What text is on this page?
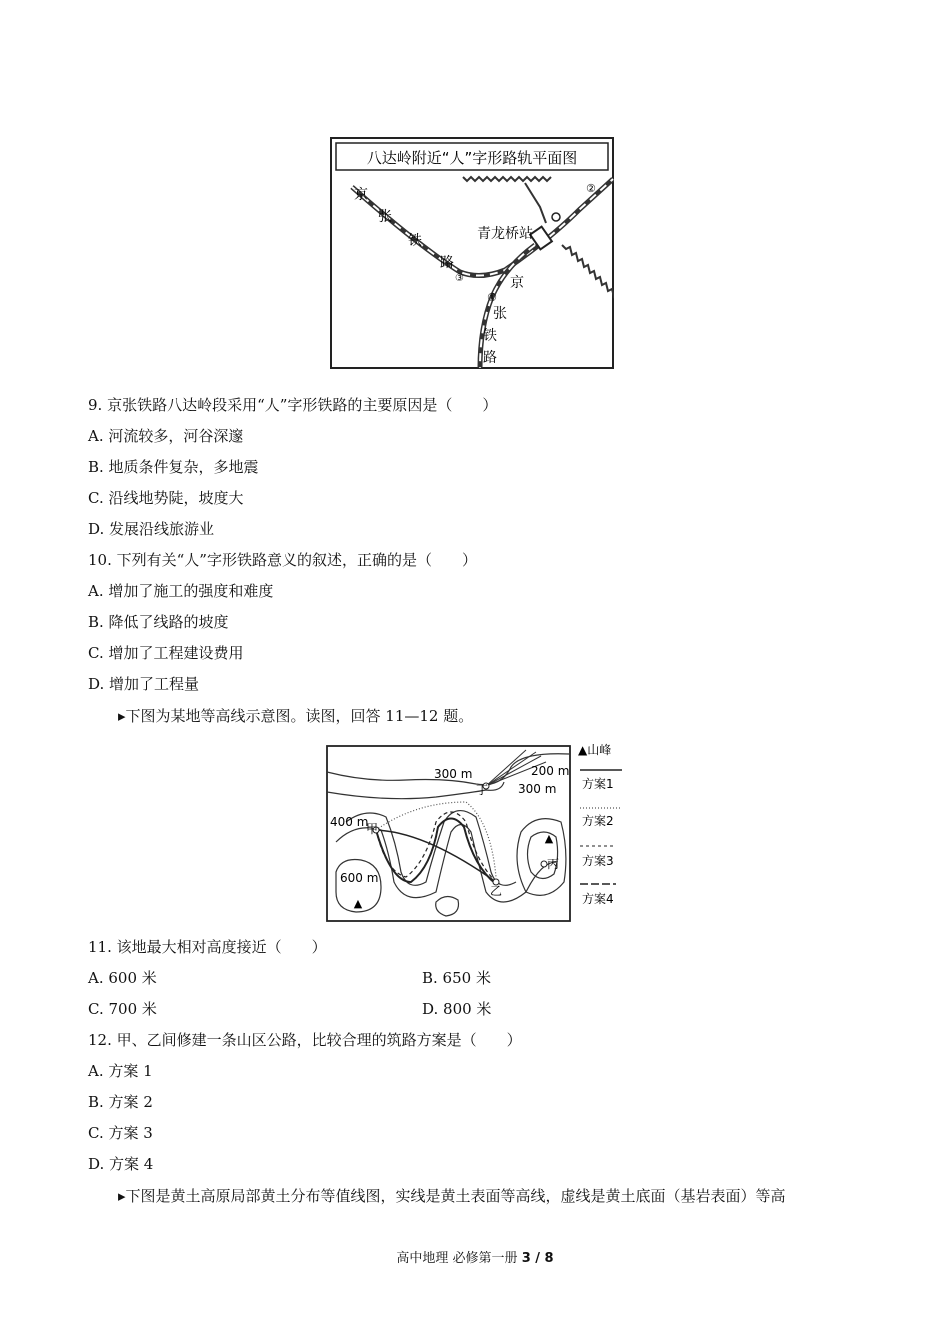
八达岭附近“人”字形路轨平面图
青龙桥站
京
张
铁
路
京
张
铁
路
①
②
③
9. 京张铁路八达岭段采用“人”字形铁路的主要原因是（　　）
A. 河流较多，河谷深邃
B. 地质条件复杂，多地震
C. 沿线地势陡，坡度大
D. 发展沿线旅游业
10. 下列有关“人”字形铁路意义的叙述，正确的是（　　）
A. 增加了施工的强度和难度
B. 降低了线路的坡度
C. 增加了工程建设费用
D. 增加了工程量
▸下图为某地等高线示意图。读图，回答 11—12 题。
▲
▲
300 m	200 m
300 m
400 m
600 m
丁
甲
乙
丙
▲山峰
方案1
方案2
方案3
方案4
11. 该地最大相对高度接近（　　）
A. 600 米	B. 650 米
C. 700 米	D. 800 米
12. 甲、乙间修建一条山区公路，比较合理的筑路方案是（　　）
A. 方案 1
B. 方案 2
C. 方案 3
D. 方案 4
▸下图是黄土高原局部黄土分布等值线图，实线是黄土表面等高线，虚线是黄土底面（基岩表面）等高
高中地理 必修第一册 3 / 8
